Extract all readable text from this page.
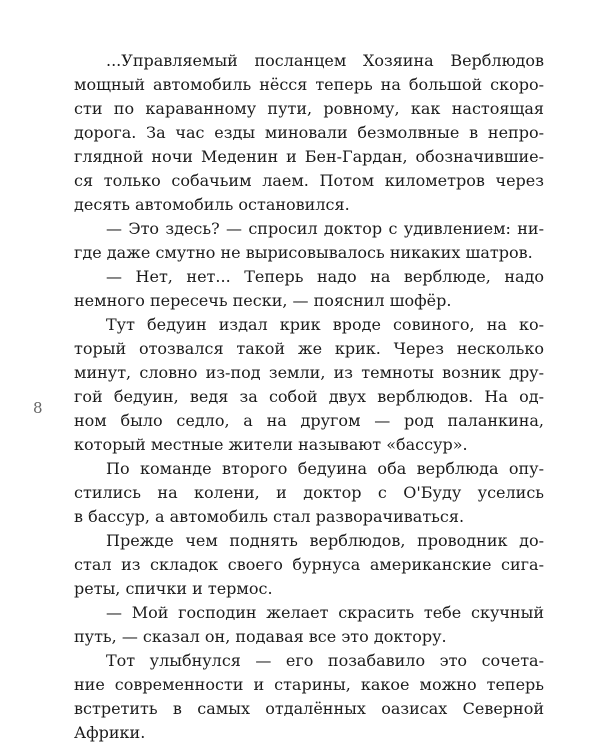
8
...Управляемый посланцем Хозяина Верблюдов
мощный автомобиль нёсся теперь на большой скоро-
сти по караванному пути, ровному, как настоящая
дорога. За час езды миновали безмолвные в непро-
глядной ночи Меденин и Бен-Гардан, обозначившие-
ся только собачьим лаем. Потом километров через
десять автомобиль остановился.
— Это здесь? — спросил доктор с удивлением: ни-
где даже смутно не вырисовывалось никаких шатров.
— Нет, нет... Теперь надо на верблюде, надо
немного пересечь пески, — пояснил шофёр.
Тут бедуин издал крик вроде совиного, на ко-
торый отозвался такой же крик. Через несколько
минут, словно из-под земли, из темноты возник дру-
гой бедуин, ведя за собой двух верблюдов. На од-
ном было седло, а на другом — род паланкина,
который местные жители называют «бассур».
По команде второго бедуина оба верблюда опу-
стились на колени, и доктор с О'Буду уселись
в бассур, а автомобиль стал разворачиваться.
Прежде чем поднять верблюдов, проводник до-
стал из складок своего бурнуса американские сига-
реты, спички и термос.
— Мой господин желает скрасить тебе скучный
путь, — сказал он, подавая все это доктору.
Тот улыбнулся — его позабавило это сочета-
ние современности и старины, какое можно теперь
встретить в самых отдалённых оазисах Северной
Африки.
